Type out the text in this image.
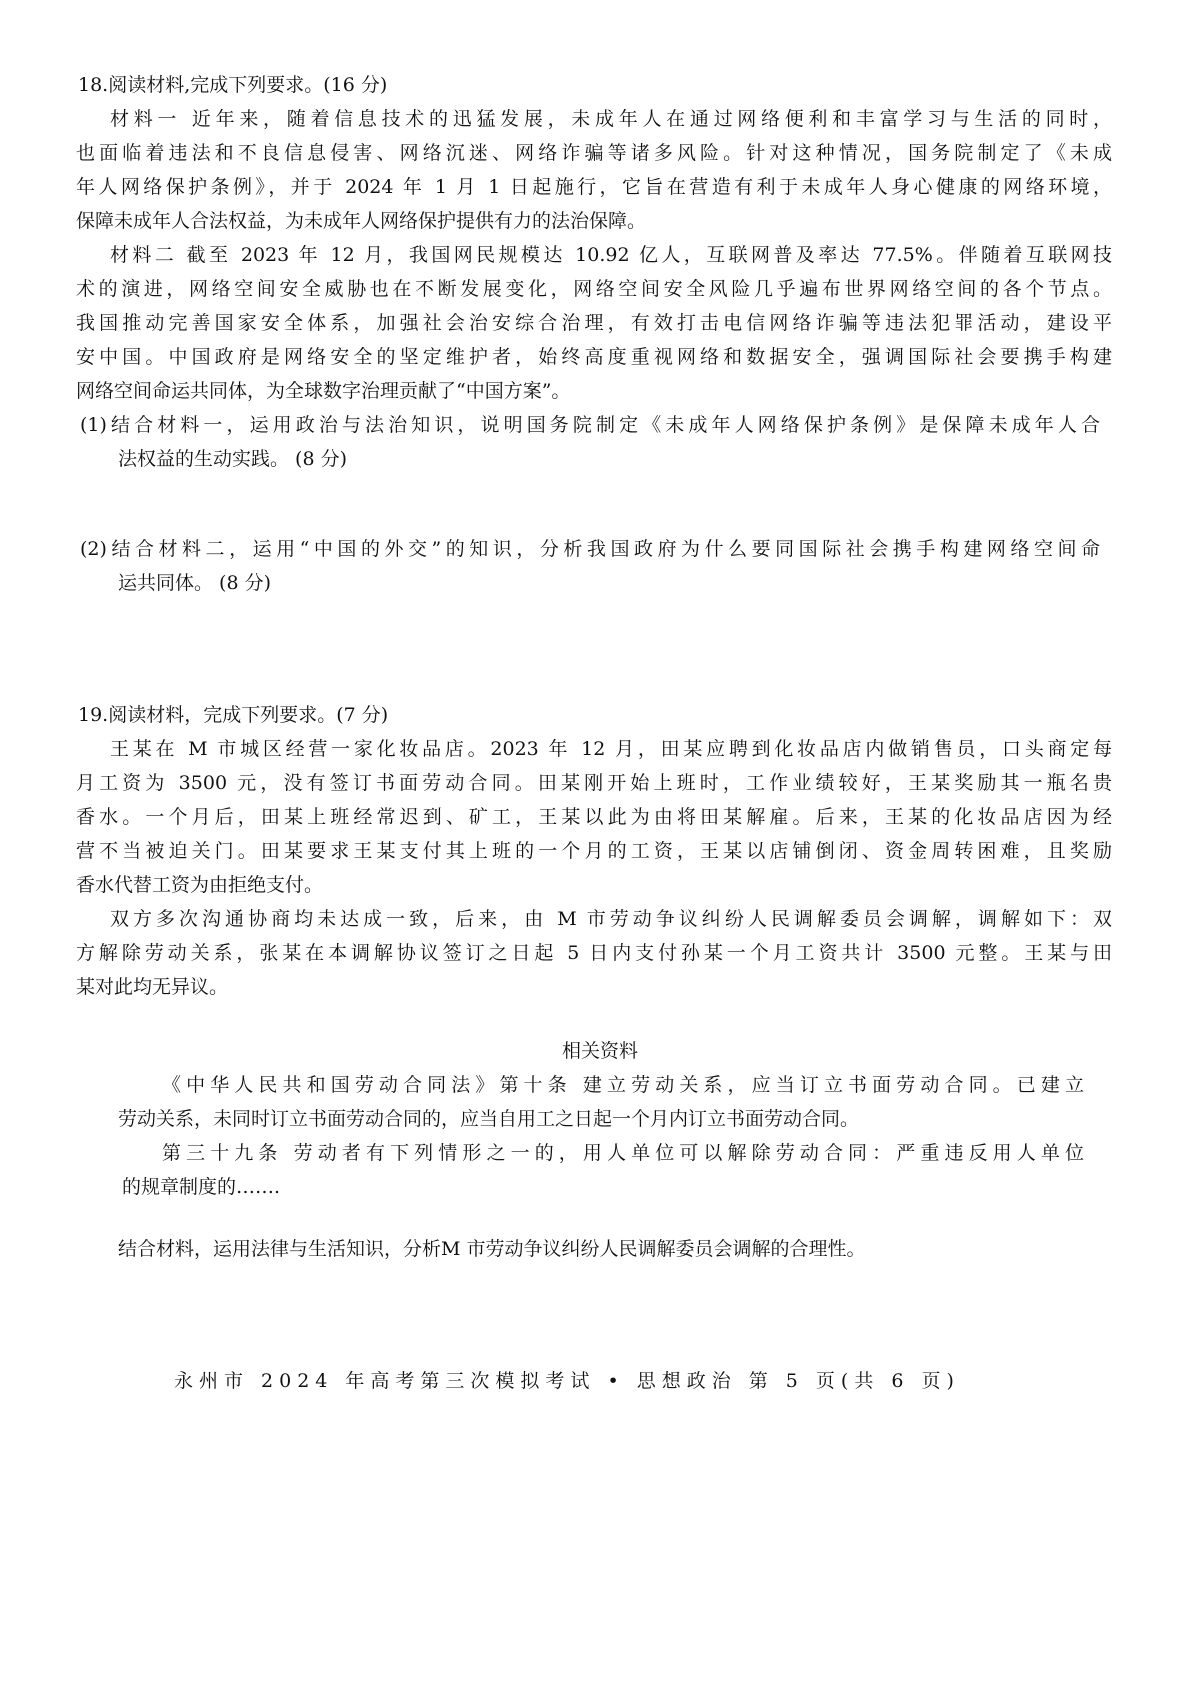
18.阅读材料,完成下列要求。(16 分)
材料一 近年来，随着信息技术的迅猛发展，未成年人在通过网络便利和丰富学习与生活的同时，
也面临着违法和不良信息侵害、网络沉迷、网络诈骗等诸多风险。针对这种情况，国务院制定了《未成
年人网络保护条例》，并于 2024 年 1 月 1 日起施行，它旨在营造有利于未成年人身心健康的网络环境，
保障未成年人合法权益，为未成年人网络保护提供有力的法治保障。
材料二 截至 2023 年 12 月，我国网民规模达 10.92 亿人，互联网普及率达 77.5%。伴随着互联网技
术的演进，网络空间安全威胁也在不断发展变化，网络空间安全风险几乎遍布世界网络空间的各个节点。
我国推动完善国家安全体系，加强社会治安综合治理，有效打击电信网络诈骗等违法犯罪活动，建设平
安中国。中国政府是网络安全的坚定维护者，始终高度重视网络和数据安全，强调国际社会要携手构建
网络空间命运共同体，为全球数字治理贡献了“中国方案”。
(1)结合材料一，运用政治与法治知识，说明国务院制定《未成年人网络保护条例》是保障未成年人合
法权益的生动实践。 (8 分)
(2)结合材料二，运用“中国的外交”的知识，分析我国政府为什么要同国际社会携手构建网络空间命
运共同体。 (8 分)
19.阅读材料，完成下列要求。(7 分)
王某在 M 市城区经营一家化妆品店。2023 年 12 月，田某应聘到化妆品店内做销售员，口头商定每
月工资为 3500 元，没有签订书面劳动合同。田某刚开始上班时，工作业绩较好，王某奖励其一瓶名贵
香水。一个月后，田某上班经常迟到、矿工，王某以此为由将田某解雇。后来，王某的化妆品店因为经
营不当被迫关门。田某要求王某支付其上班的一个月的工资，王某以店铺倒闭、资金周转困难，且奖励
香水代替工资为由拒绝支付。
双方多次沟通协商均未达成一致，后来，由 M 市劳动争议纠纷人民调解委员会调解，调解如下：双
方解除劳动关系，张某在本调解协议签订之日起 5 日内支付孙某一个月工资共计 3500 元整。王某与田
某对此均无异议。
相关资料
《中华人民共和国劳动合同法》第十条 建立劳动关系，应当订立书面劳动合同。已建立
劳动关系，未同时订立书面劳动合同的，应当自用工之日起一个月内订立书面劳动合同。
第三十九条 劳动者有下列情形之一的，用人单位可以解除劳动合同：严重违反用人单位
的规章制度的…….
结合材料，运用法律与生活知识，分析M 市劳动争议纠纷人民调解委员会调解的合理性。
永州市 2024 年高考第三次模拟考试 • 思想政治 第 5 页(共 6 页)
